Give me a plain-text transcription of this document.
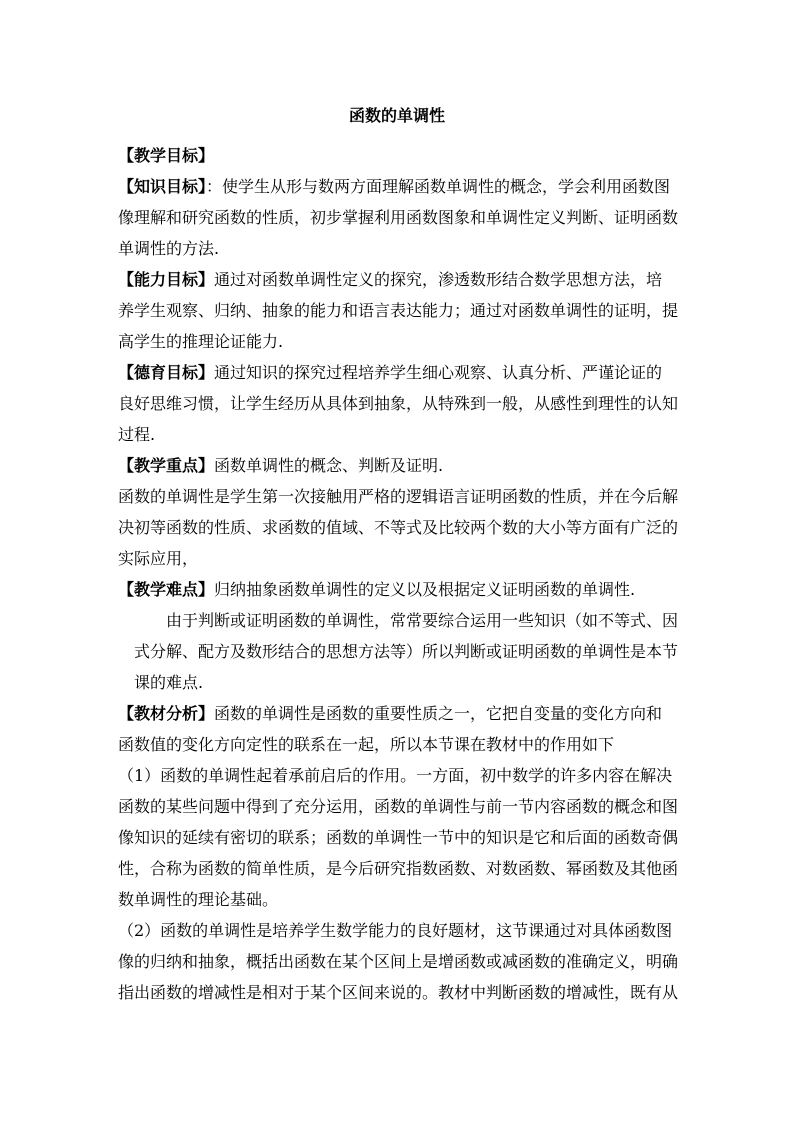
函数的单调性

【教学目标】

【知识目标】：使学生从形与数两方面理解函数单调性的概念，学会利用函数图像理解和研究函数的性质，初步掌握利用函数图象和单调性定义判断、证明函数单调性的方法.

【能力目标】通过对函数单调性定义的探究，渗透数形结合数学思想方法，培养学生观察、归纳、抽象的能力和语言表达能力；通过对函数单调性的证明，提高学生的推理论证能力.

【德育目标】通过知识的探究过程培养学生细心观察、认真分析、严谨论证的良好思维习惯，让学生经历从具体到抽象，从特殊到一般，从感性到理性的认知过程.

【教学重点】函数单调性的概念、判断及证明.

函数的单调性是学生第一次接触用严格的逻辑语言证明函数的性质，并在今后解决初等函数的性质、求函数的值域、不等式及比较两个数的大小等方面有广泛的实际应用，

【教学难点】归纳抽象函数单调性的定义以及根据定义证明函数的单调性.

由于判断或证明函数的单调性，常常要综合运用一些知识（如不等式、因式分解、配方及数形结合的思想方法等）所以判断或证明函数的单调性是本节课的难点.

【教材分析】函数的单调性是函数的重要性质之一，它把自变量的变化方向和函数值的变化方向定性的联系在一起，所以本节课在教材中的作用如下

（1）函数的单调性起着承前启后的作用。一方面，初中数学的许多内容在解决函数的某些问题中得到了充分运用，函数的单调性与前一节内容函数的概念和图像知识的延续有密切的联系；函数的单调性一节中的知识是它和后面的函数奇偶性，合称为函数的简单性质，是今后研究指数函数、对数函数、幂函数及其他函数单调性的理论基础。

（2）函数的单调性是培养学生数学能力的良好题材，这节课通过对具体函数图像的归纳和抽象，概括出函数在某个区间上是增函数或减函数的准确定义，明确指出函数的增减性是相对于某个区间来说的。教材中判断函数的增减性，既有从
